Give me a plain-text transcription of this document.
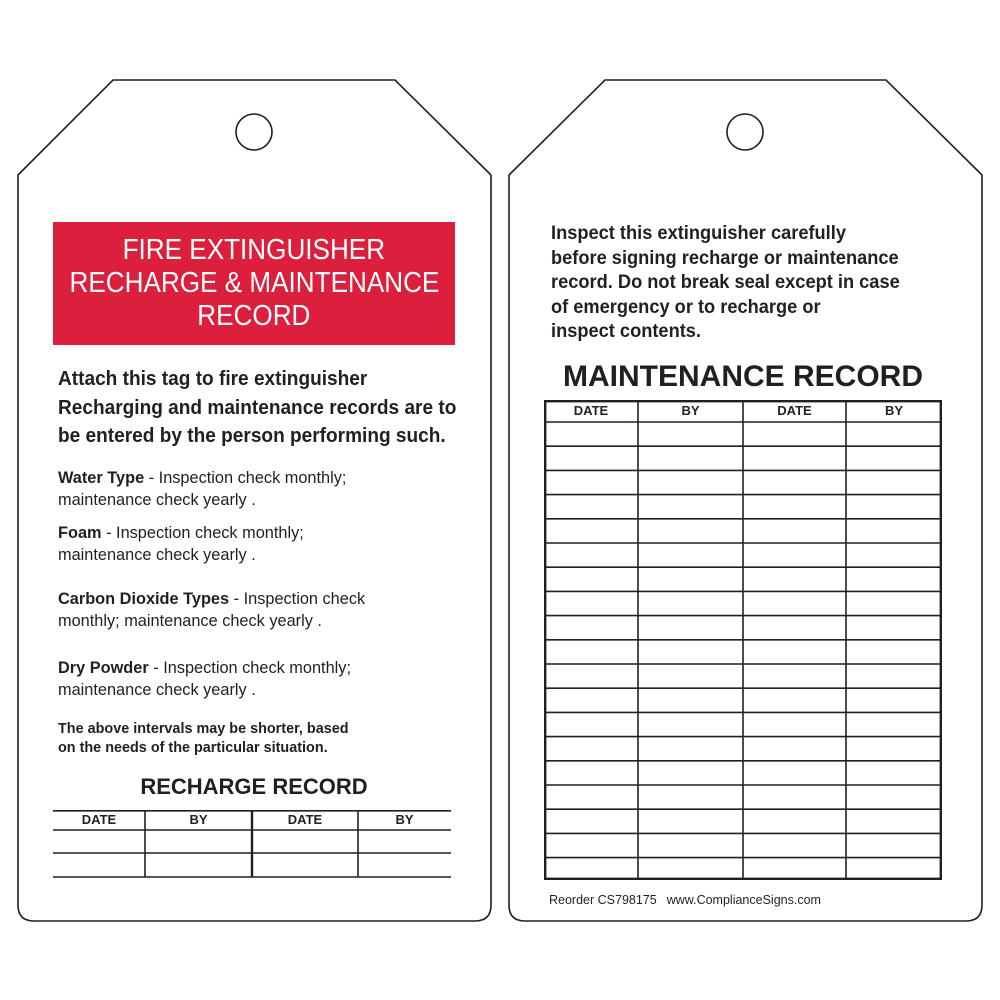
FIRE EXTINGUISHER
RECHARGE & MAINTENANCE
RECORD
Attach this tag to fire extinguisher
Recharging and maintenance records are to
be entered by the person performing such.
Water Type - Inspection check monthly;
maintenance check yearly .
Foam - Inspection check monthly;
maintenance check yearly .
Carbon Dioxide Types - Inspection check
monthly; maintenance check yearly .
Dry Powder - Inspection check monthly;
maintenance check yearly .
The above intervals may be shorter, based
on the needs of the particular situation.
RECHARGE RECORD
DATE	BY	DATE	BY
Inspect this extinguisher carefully
before signing recharge or maintenance
record. Do not break seal except in case
of emergency or to recharge or
inspect contents.
MAINTENANCE RECORD
DATE	BY	DATE	BY
Reorder CS798175 www.ComplianceSigns.com
